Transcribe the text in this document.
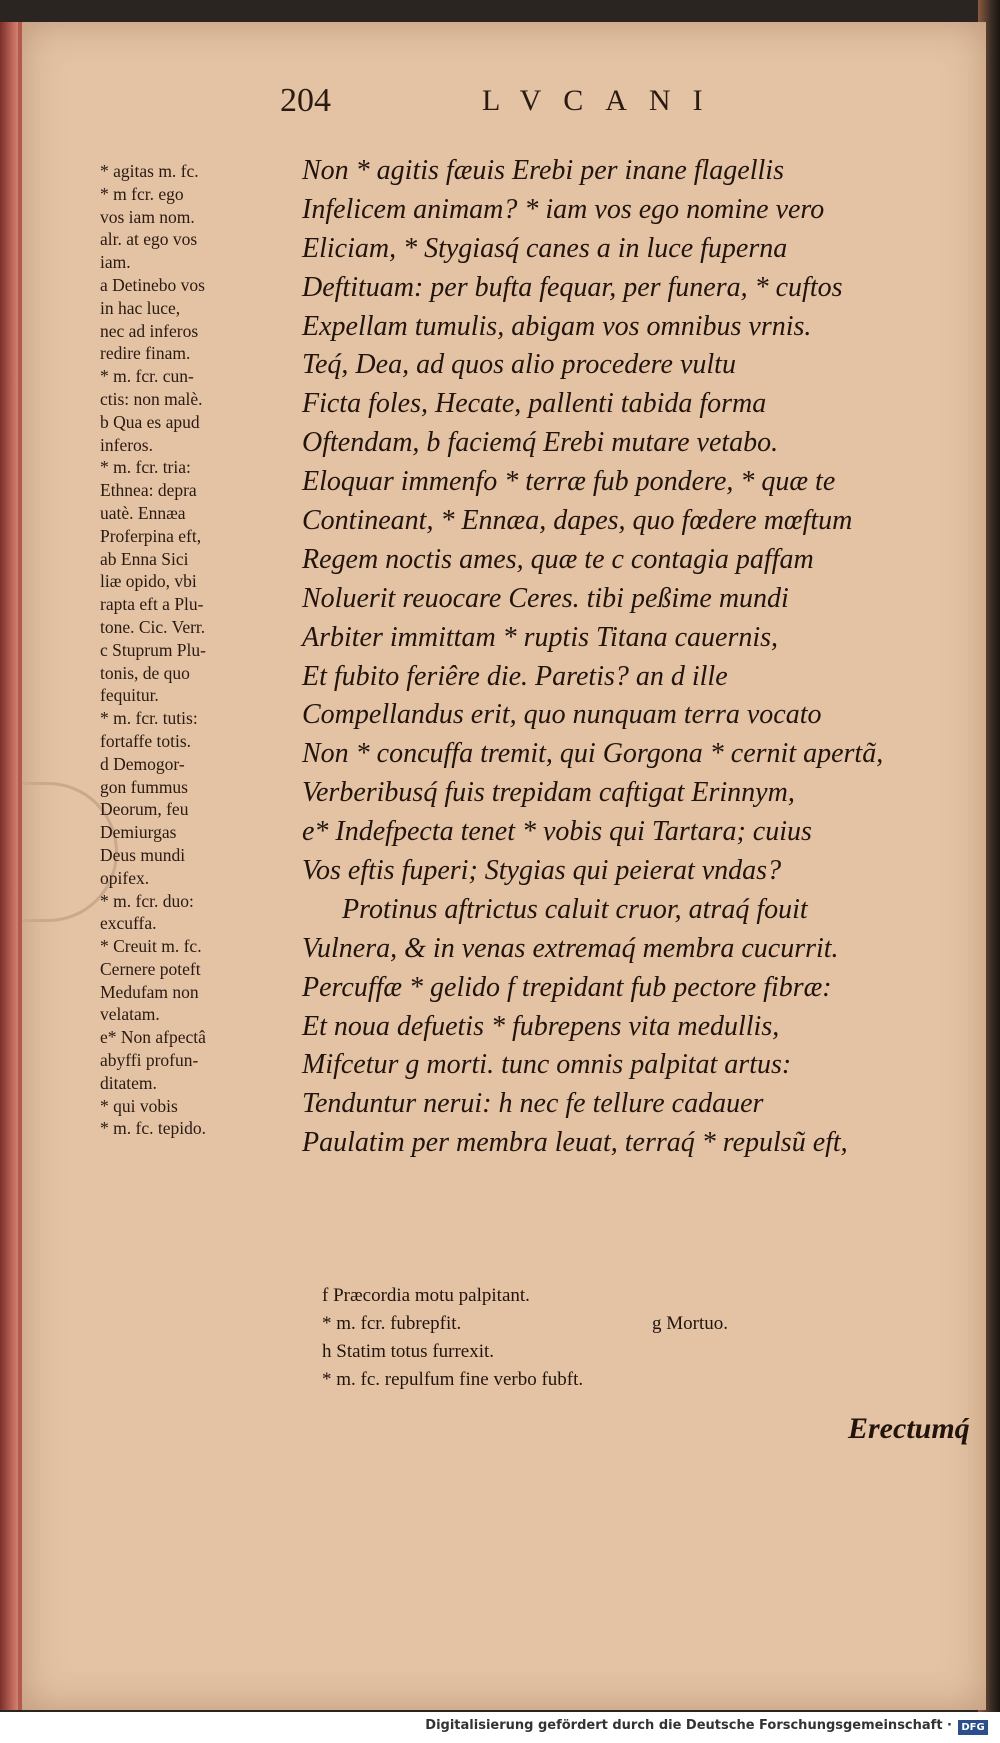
204	LVCANI
* agitas m. fc.
* m fcr. ego
vos iam nom.
alr. at ego vos
iam.
a Detinebo vos
in hac luce,
nec ad inferos
redire finam.
* m. fcr. cun-
ctis: non malè.
b Qua es apud
inferos.
* m. fcr. tria:
Ethnea: depra
uatè. Ennæa
Proferpina eft,
ab Enna Sici
liæ opido, vbi
rapta eft a Plu-
tone. Cic. Verr.
c Stuprum Plu-
tonis, de quo
fequitur.
* m. fcr. tutis:
fortaffe totis.
d Demogor-
gon fummus
Deorum, feu
Demiurgas
Deus mundi
opifex.
* m. fcr. duo:
excuffa.
* Creuit m. fc.
Cernere poteft
Medufam non
velatam.
e* Non afpectâ
abyffi profun-
ditatem.
* qui vobis
* m. fc. tepido.
Non * agitis fæuis Erebi per inane flagellis
Infelicem animam? * iam vos ego nomine vero
Eliciam, * Stygiasq́ canes a in luce fuperna
Deftituam: per bufta fequar, per funera, * cuftos
Expellam tumulis, abigam vos omnibus vrnis.
Teq́, Dea, ad quos alio procedere vultu
Ficta foles, Hecate, pallenti tabida forma
Oftendam, b faciemq́ Erebi mutare vetabo.
Eloquar immenfo * terræ fub pondere, * quæ te
Contineant, * Ennæa, dapes, quo fœdere mœftum
Regem noctis ames, quæ te c contagia paffam
Noluerit reuocare Ceres. tibi peßime mundi
Arbiter immittam * ruptis Titana cauernis,
Et fubito feriêre die. Paretis? an d ille
Compellandus erit, quo nunquam terra vocato
Non * concuffa tremit, qui Gorgona * cernit apertã,
Verberibusq́ fuis trepidam caftigat Erinnym,
e* Indefpecta tenet * vobis qui Tartara; cuius
Vos eftis fuperi; Stygias qui peierat vndas?
Protinus aftrictus caluit cruor, atraq́ fouit
Vulnera, & in venas extremaq́ membra cucurrit.
Percuffæ * gelido f trepidant fub pectore fibræ:
Et noua defuetis * fubrepens vita medullis,
Mifcetur g morti. tunc omnis palpitat artus:
Tenduntur nerui: h nec fe tellure cadauer
Paulatim per membra leuat, terraq́ * repulsũ eft,
f Præcordia motu palpitant.
* m. fcr. fubrepfit.	g Mortuo.
h Statim totus furrexit.
* m. fc. repulfum fine verbo fubft.
Erectumq́
Digitalisierung gefördert durch die Deutsche Forschungsgemeinschaft · DFG
